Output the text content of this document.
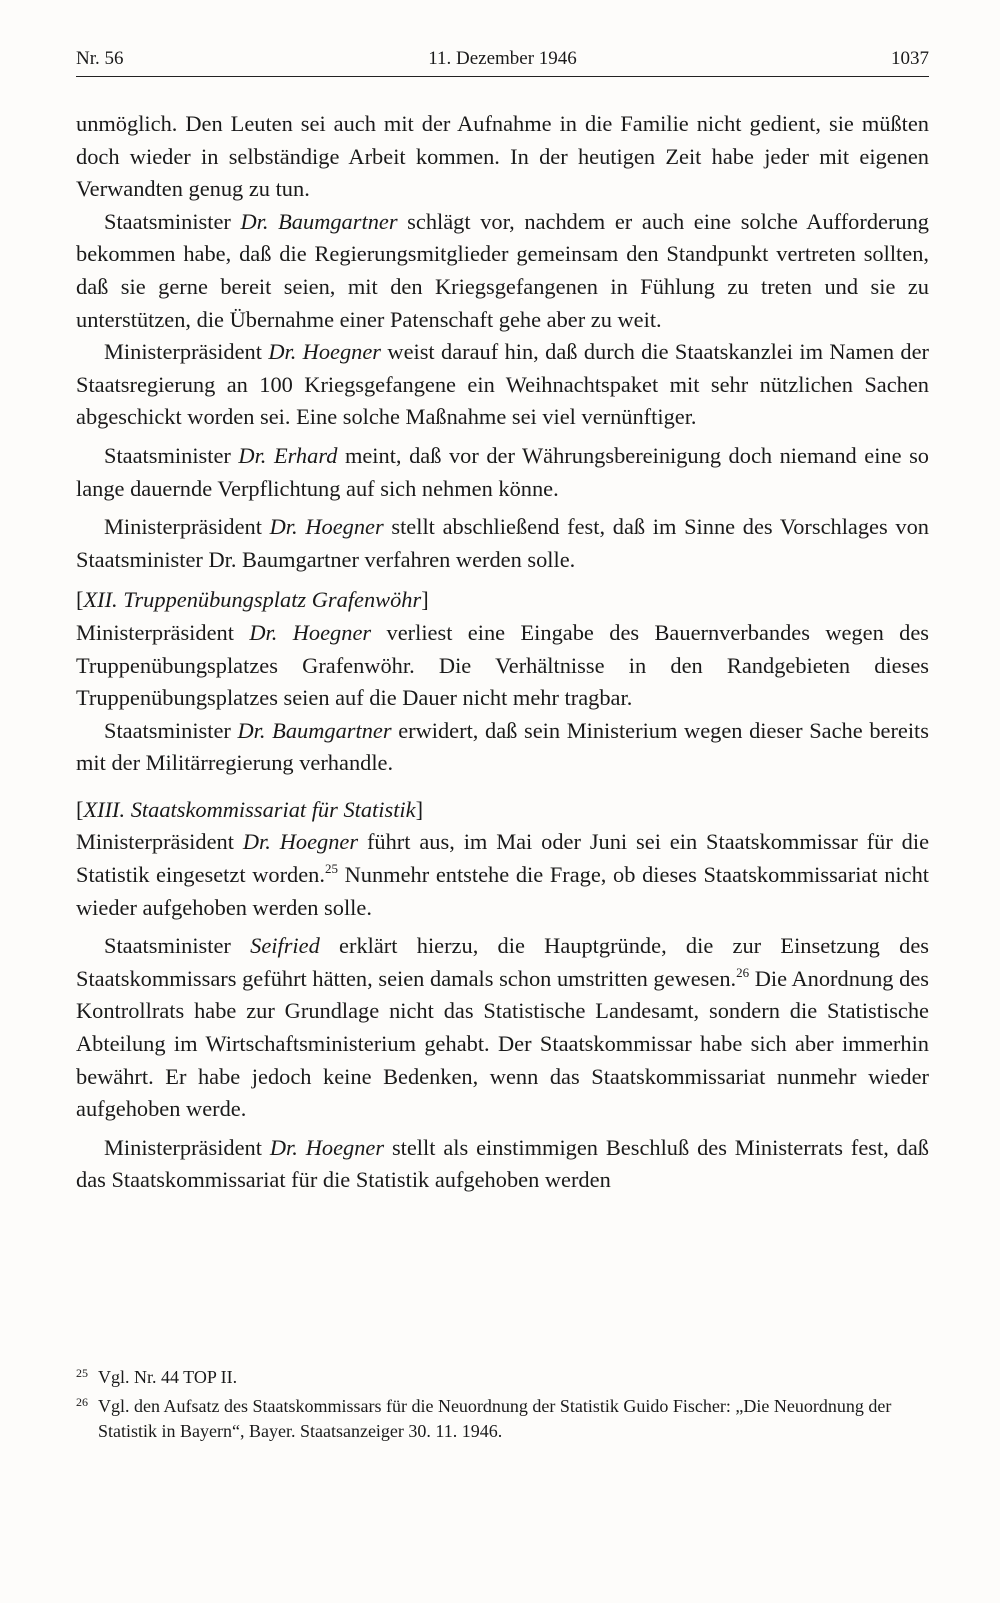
Nr. 56	11. Dezember 1946	1037

unmöglich. Den Leuten sei auch mit der Aufnahme in die Familie nicht gedient, sie müßten doch wieder in selbständige Arbeit kommen. In der heutigen Zeit habe jeder mit eigenen Verwandten genug zu tun.

Staatsminister Dr. Baumgartner schlägt vor, nachdem er auch eine solche Aufforderung bekommen habe, daß die Regierungsmitglieder gemeinsam den Standpunkt vertreten sollten, daß sie gerne bereit seien, mit den Kriegsgefangenen in Fühlung zu treten und sie zu unterstützen, die Übernahme einer Patenschaft gehe aber zu weit.

Ministerpräsident Dr. Hoegner weist darauf hin, daß durch die Staatskanzlei im Namen der Staatsregierung an 100 Kriegsgefangene ein Weihnachtspaket mit sehr nützlichen Sachen abgeschickt worden sei. Eine solche Maßnahme sei viel vernünftiger.

Staatsminister Dr. Erhard meint, daß vor der Währungsbereinigung doch niemand eine so lange dauernde Verpflichtung auf sich nehmen könne.

Ministerpräsident Dr. Hoegner stellt abschließend fest, daß im Sinne des Vorschlages von Staatsminister Dr. Baumgartner verfahren werden solle.

[XII. Truppenübungsplatz Grafenwöhr]

Ministerpräsident Dr. Hoegner verliest eine Eingabe des Bauernverbandes wegen des Truppenübungsplatzes Grafenwöhr. Die Verhältnisse in den Randgebieten dieses Truppenübungsplatzes seien auf die Dauer nicht mehr tragbar.

Staatsminister Dr. Baumgartner erwidert, daß sein Ministerium wegen dieser Sache bereits mit der Militärregierung verhandle.

[XIII. Staatskommissariat für Statistik]

Ministerpräsident Dr. Hoegner führt aus, im Mai oder Juni sei ein Staatskommissar für die Statistik eingesetzt worden.$^{25}$ Nunmehr entstehe die Frage, ob dieses Staatskommissariat nicht wieder aufgehoben werden solle.

Staatsminister Seifried erklärt hierzu, die Hauptgründe, die zur Einsetzung des Staatskommissars geführt hätten, seien damals schon umstritten gewesen.$^{26}$ Die Anordnung des Kontrollrats habe zur Grundlage nicht das Statistische Landesamt, sondern die Statistische Abteilung im Wirtschaftsministerium gehabt. Der Staatskommissar habe sich aber immerhin bewährt. Er habe jedoch keine Bedenken, wenn das Staatskommissariat nunmehr wieder aufgehoben werde.

Ministerpräsident Dr. Hoegner stellt als einstimmigen Beschluß des Ministerrats fest, daß das Staatskommissariat für die Statistik aufgehoben werden

25 Vgl. Nr. 44 TOP II.
26 Vgl. den Aufsatz des Staatskommissars für die Neuordnung der Statistik Guido Fischer: „Die Neuordnung der Statistik in Bayern“, Bayer. Staatsanzeiger 30. 11. 1946.
